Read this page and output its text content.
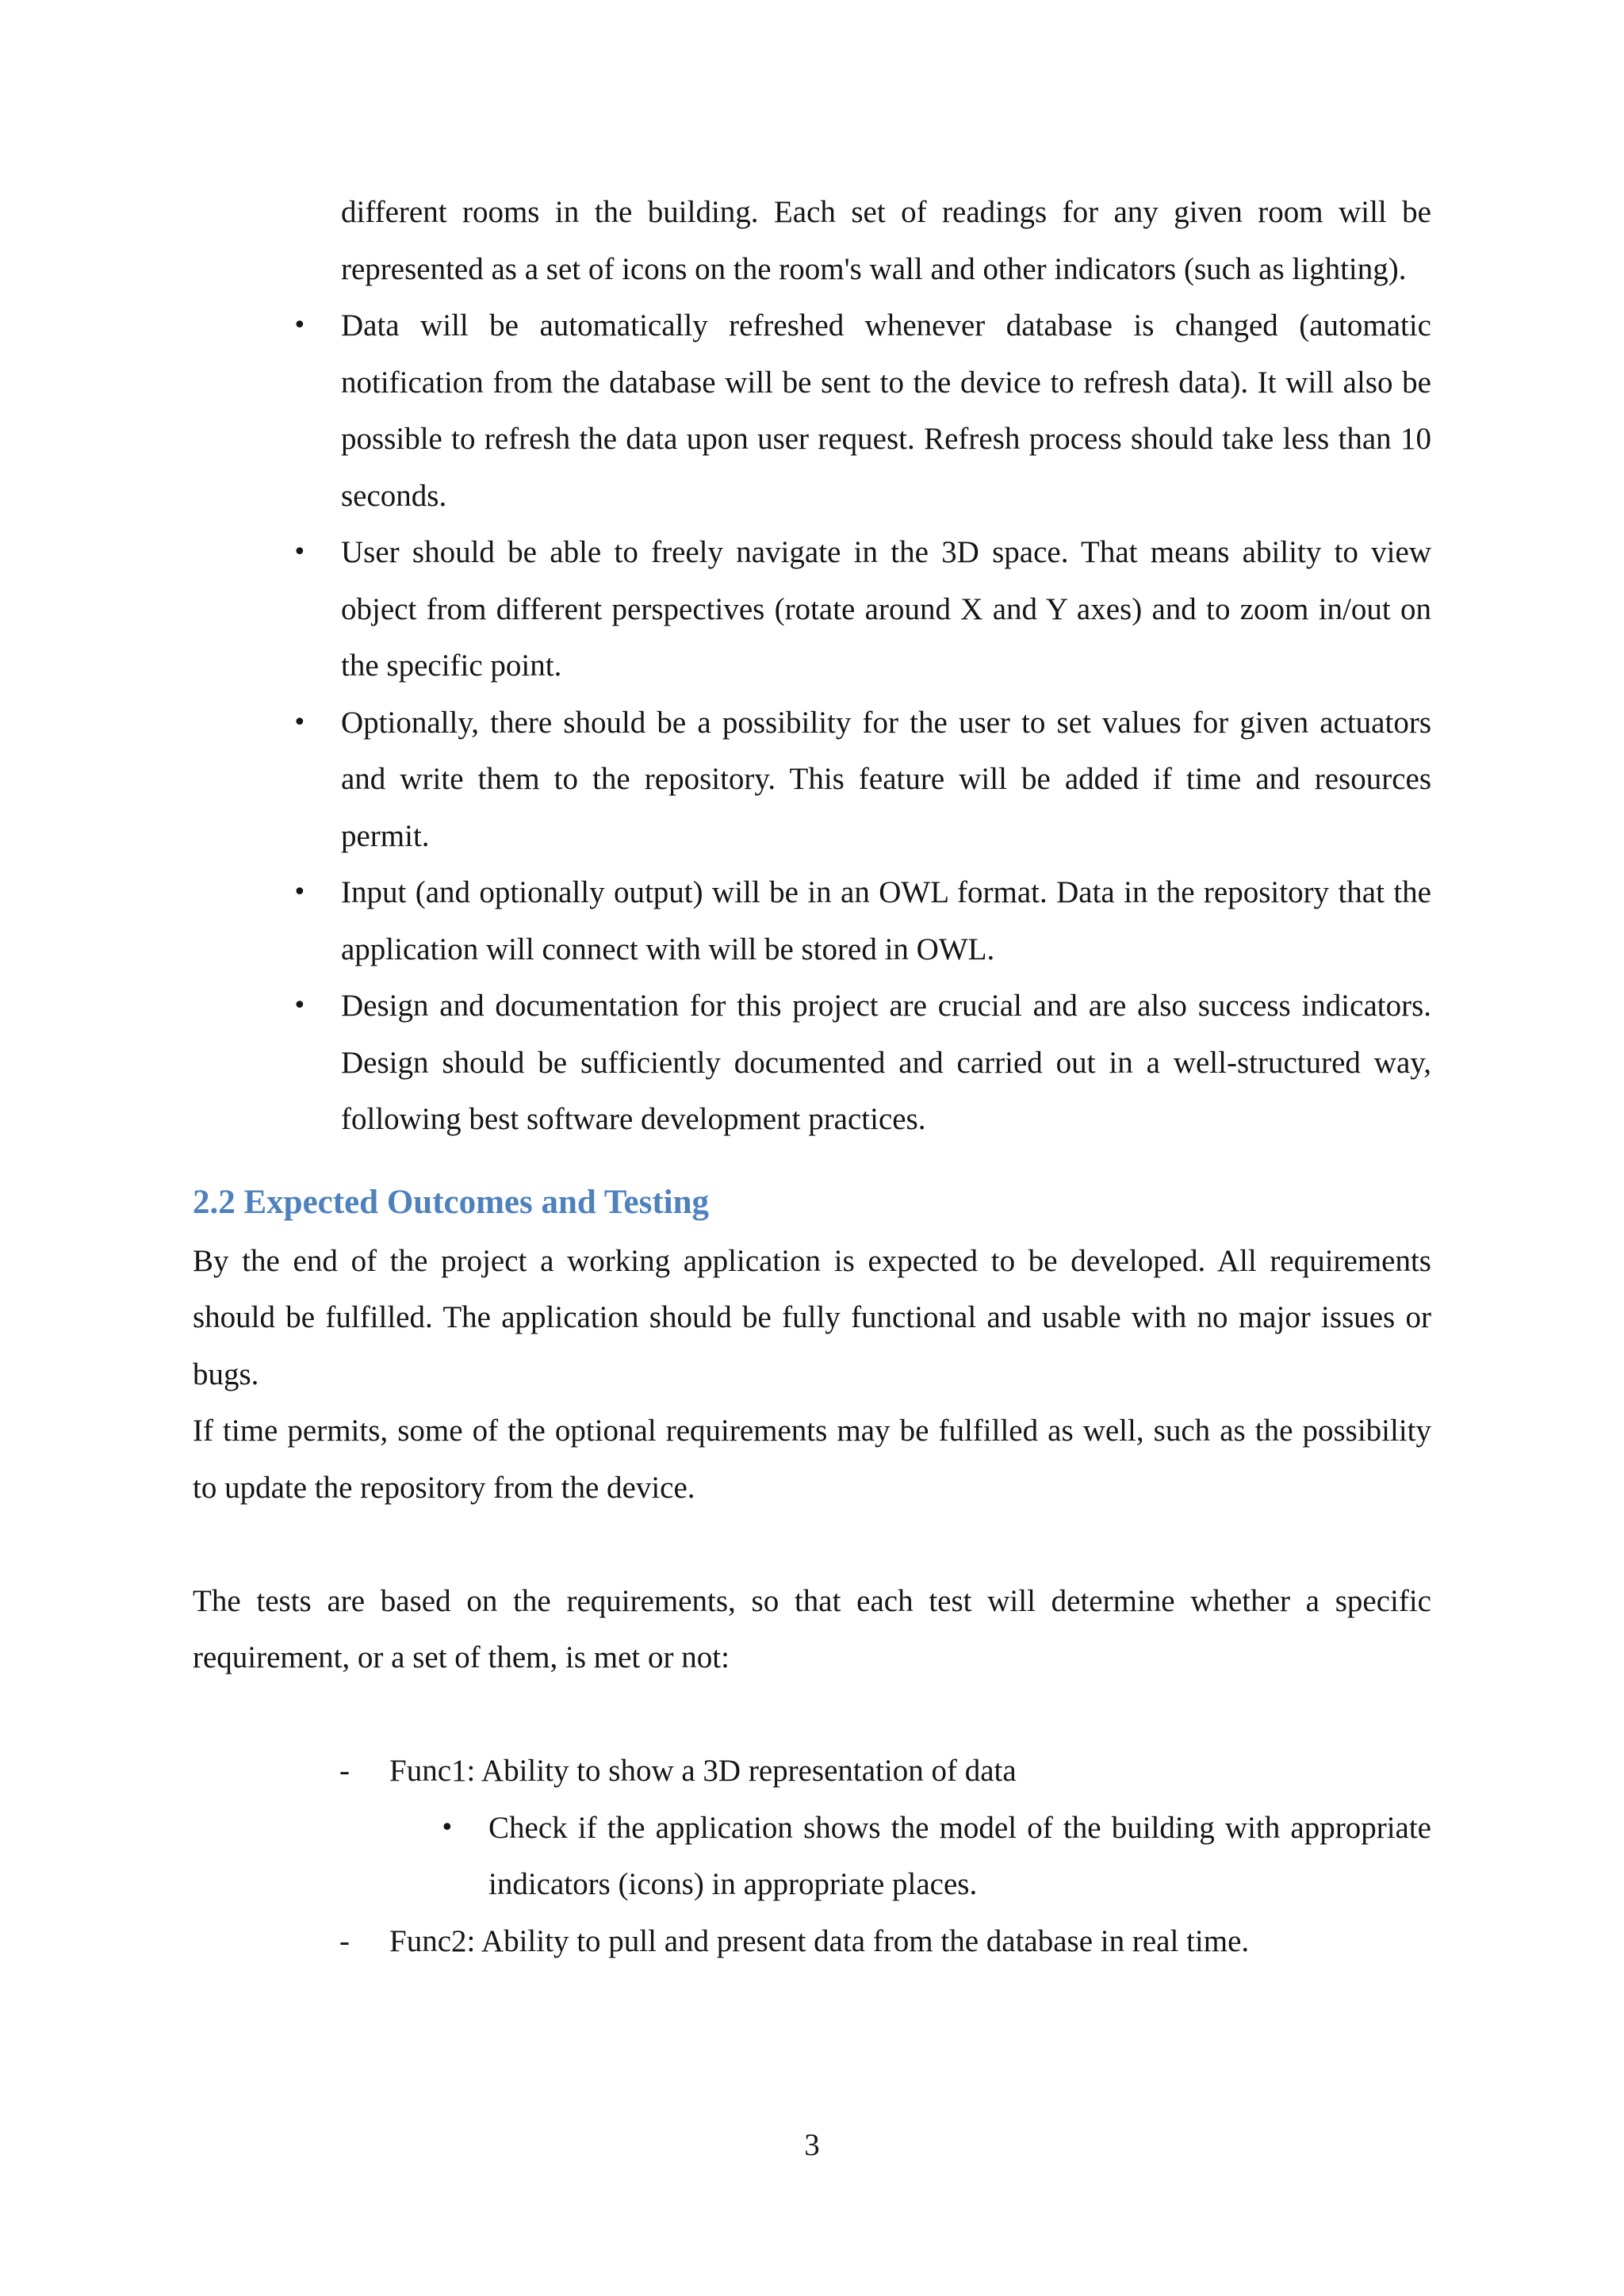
different rooms in the building. Each set of readings for any given room will be represented as a set of icons on the room's wall and other indicators (such as lighting).

• Data will be automatically refreshed whenever database is changed (automatic notification from the database will be sent to the device to refresh data). It will also be possible to refresh the data upon user request. Refresh process should take less than 10 seconds.
• User should be able to freely navigate in the 3D space. That means ability to view object from different perspectives (rotate around X and Y axes) and to zoom in/out on the specific point.
• Optionally, there should be a possibility for the user to set values for given actuators and write them to the repository. This feature will be added if time and resources permit.
• Input (and optionally output) will be in an OWL format. Data in the repository that the application will connect with will be stored in OWL.
• Design and documentation for this project are crucial and are also success indicators. Design should be sufficiently documented and carried out in a well-structured way, following best software development practices.
2.2 Expected Outcomes and Testing

By the end of the project a working application is expected to be developed. All requirements should be fulfilled. The application should be fully functional and usable with no major issues or bugs.

If time permits, some of the optional requirements may be fulfilled as well, such as the possibility to update the repository from the device.

The tests are based on the requirements, so that each test will determine whether a specific requirement, or a set of them, is met or not:

- Func1: Ability to show a 3D representation of data
• Check if the application shows the model of the building with appropriate indicators (icons) in appropriate places.
- Func2: Ability to pull and present data from the database in real time.
3
